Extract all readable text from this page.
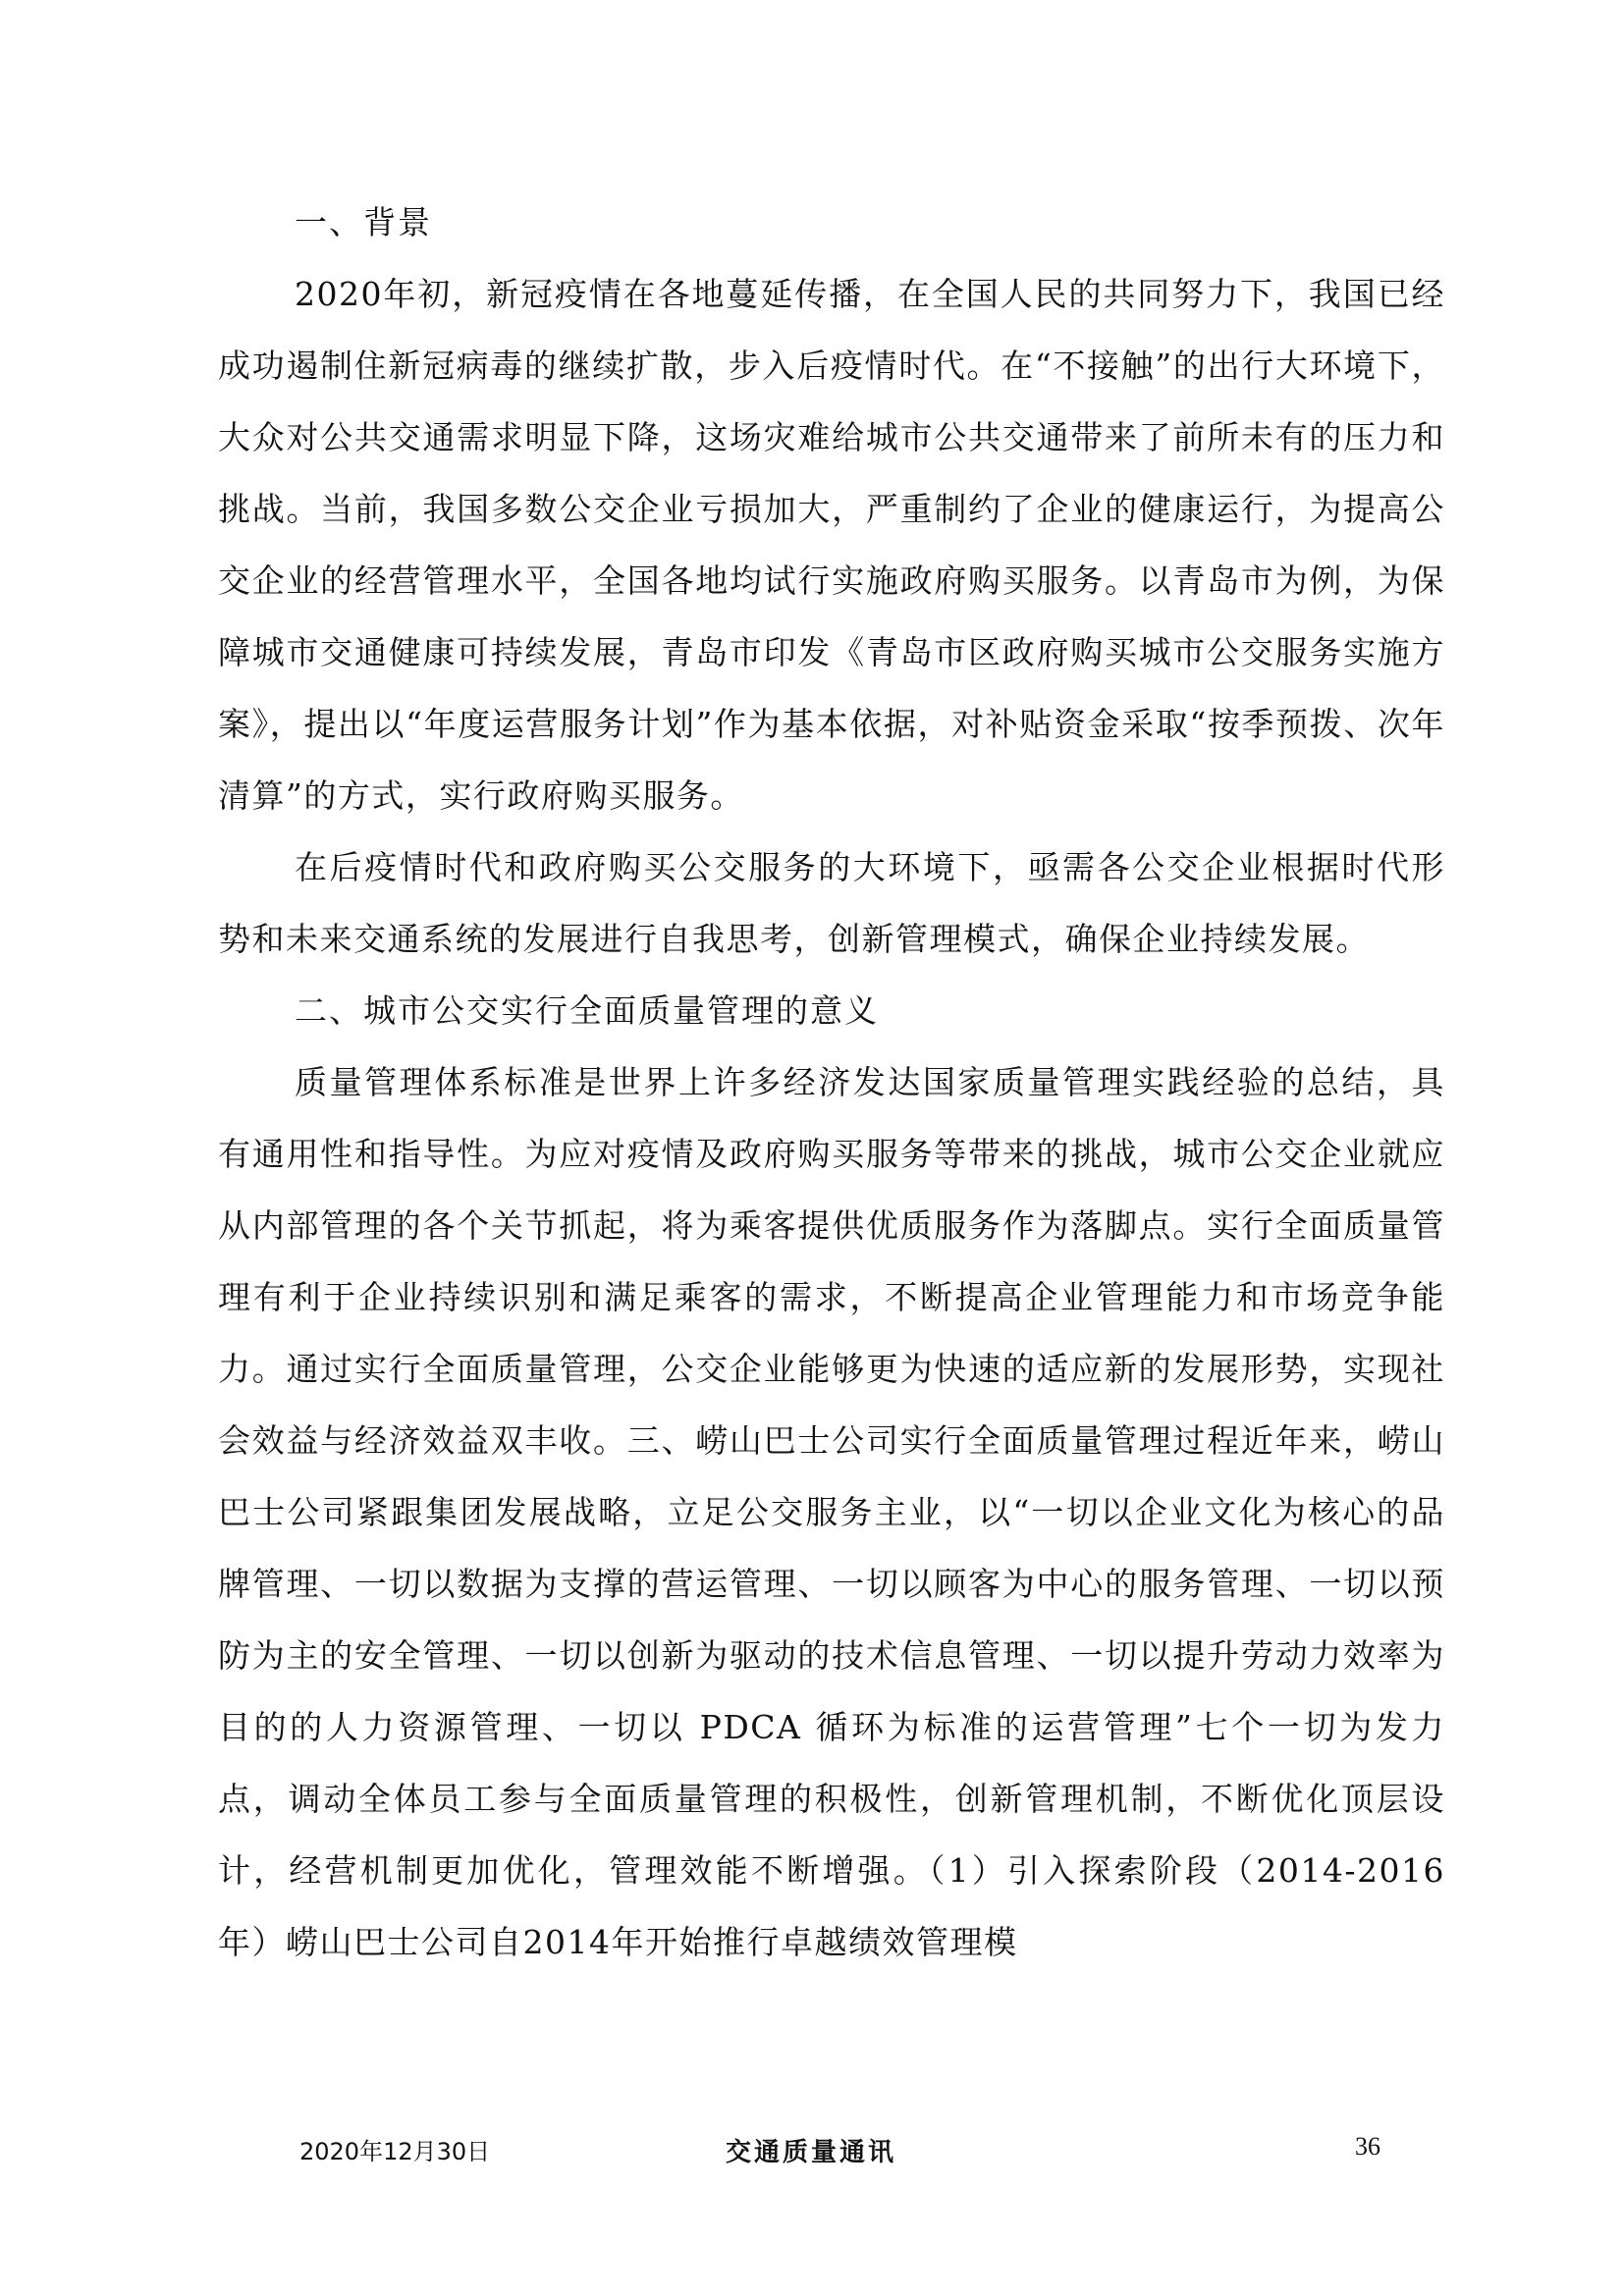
一、背景

2020年初，新冠疫情在各地蔓延传播，在全国人民的共同努力下，我国已经成功遏制住新冠病毒的继续扩散，步入后疫情时代。在“不接触”的出行大环境下，大众对公共交通需求明显下降，这场灾难给城市公共交通带来了前所未有的压力和挑战。当前，我国多数公交企业亏损加大，严重制约了企业的健康运行，为提高公交企业的经营管理水平，全国各地均试行实施政府购买服务。以青岛市为例，为保障城市交通健康可持续发展，青岛市印发《青岛市区政府购买城市公交服务实施方案》，提出以“年度运营服务计划”作为基本依据，对补贴资金采取“按季预拨、次年清算”的方式，实行政府购买服务。

在后疫情时代和政府购买公交服务的大环境下，亟需各公交企业根据时代形势和未来交通系统的发展进行自我思考，创新管理模式，确保企业持续发展。

二、城市公交实行全面质量管理的意义

质量管理体系标准是世界上许多经济发达国家质量管理实践经验的总结，具有通用性和指导性。为应对疫情及政府购买服务等带来的挑战，城市公交企业就应从内部管理的各个关节抓起，将为乘客提供优质服务作为落脚点。实行全面质量管理有利于企业持续识别和满足乘客的需求，不断提高企业管理能力和市场竞争能力。通过实行全面质量管理，公交企业能够更为快速的适应新的发展形势，实现社会效益与经济效益双丰收。三、崂山巴士公司实行全面质量管理过程近年来，崂山巴士公司紧跟集团发展战略，立足公交服务主业，以“一切以企业文化为核心的品牌管理、一切以数据为支撑的营运管理、一切以顾客为中心的服务管理、一切以预防为主的安全管理、一切以创新为驱动的技术信息管理、一切以提升劳动力效率为目的的人力资源管理、一切以 PDCA 循环为标准的运营管理”七个一切为发力点，调动全体员工参与全面质量管理的积极性，创新管理机制，不断优化顶层设计，经营机制更加优化，管理效能不断增强。（1）引入探索阶段（2014-2016年）崂山巴士公司自2014年开始推行卓越绩效管理模

2020年12月30日	交通质量通讯	36
